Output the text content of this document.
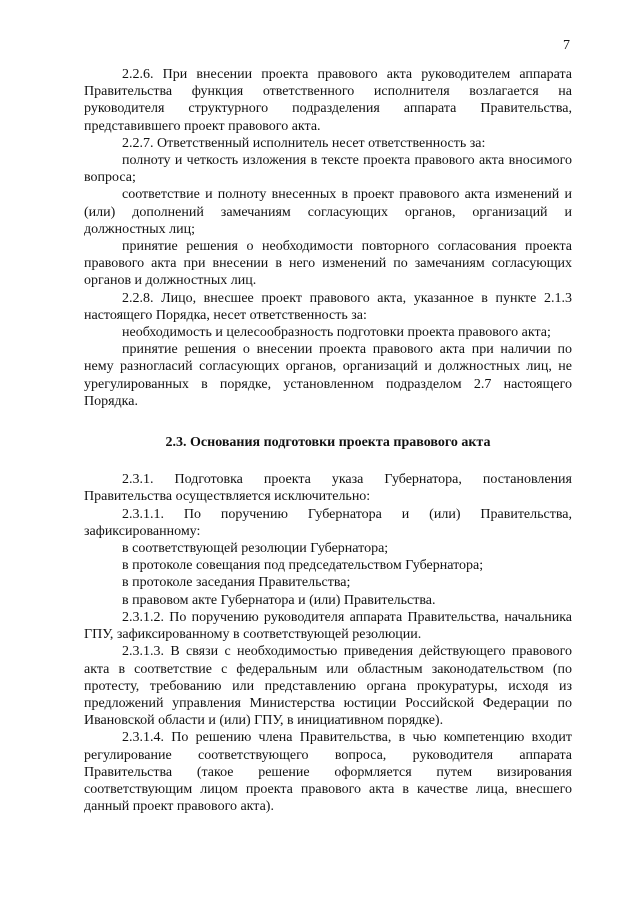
7

2.2.6. При внесении проекта правового акта руководителем аппарата Правительства функция ответственного исполнителя возлагается на руководителя структурного подразделения аппарата Правительства, представившего проект правового акта.

2.2.7. Ответственный исполнитель несет ответственность за:

полноту и четкость изложения в тексте проекта правового акта вносимого вопроса;

соответствие и полноту внесенных в проект правового акта изменений и (или) дополнений замечаниям согласующих органов, организаций и должностных лиц;

принятие решения о необходимости повторного согласования проекта правового акта при внесении в него изменений по замечаниям согласующих органов и должностных лиц.

2.2.8. Лицо, внесшее проект правового акта, указанное в пункте 2.1.3 настоящего Порядка, несет ответственность за:

необходимость и целесообразность подготовки проекта правового акта;

принятие решения о внесении проекта правового акта при наличии по нему разногласий согласующих органов, организаций и должностных лиц, не урегулированных в порядке, установленном подразделом 2.7 настоящего Порядка.

2.3. Основания подготовки проекта правового акта

2.3.1. Подготовка проекта указа Губернатора, постановления Правительства осуществляется исключительно:

2.3.1.1. По поручению Губернатора и (или) Правительства, зафиксированному:

в соответствующей резолюции Губернатора;

в протоколе совещания под председательством Губернатора;

в протоколе заседания Правительства;

в правовом акте Губернатора и (или) Правительства.

2.3.1.2. По поручению руководителя аппарата Правительства, начальника ГПУ, зафиксированному в соответствующей резолюции.

2.3.1.3. В связи с необходимостью приведения действующего правового акта в соответствие с федеральным или областным законодательством (по протесту, требованию или представлению органа прокуратуры, исходя из предложений управления Министерства юстиции Российской Федерации по Ивановской области и (или) ГПУ, в инициативном порядке).

2.3.1.4. По решению члена Правительства, в чью компетенцию входит регулирование соответствующего вопроса, руководителя аппарата Правительства (такое решение оформляется путем визирования соответствующим лицом проекта правового акта в качестве лица, внесшего данный проект правового акта).
